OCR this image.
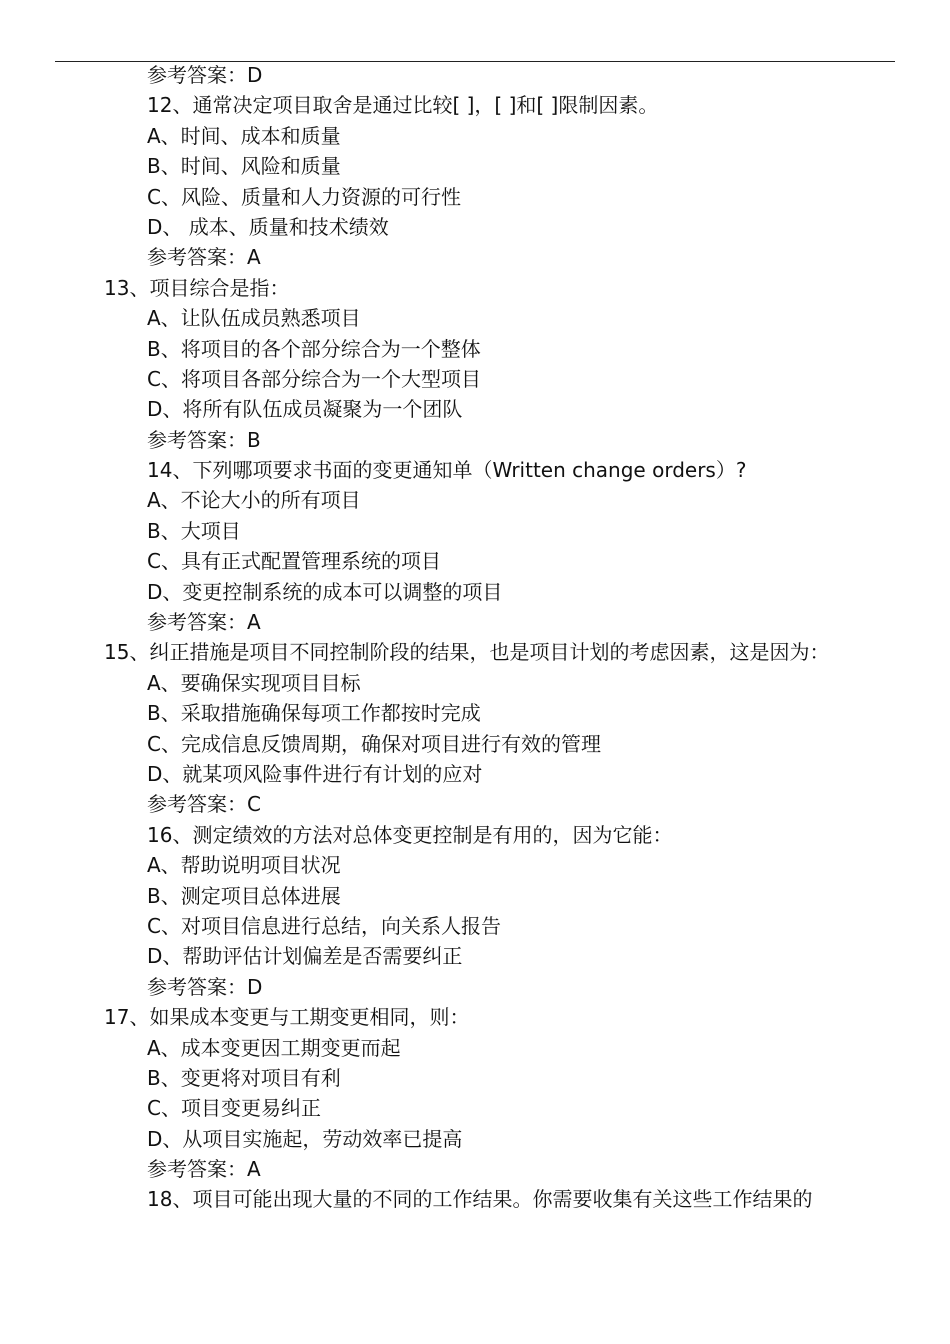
参考答案：D
12、通常决定项目取舍是通过比较[ ]，[ ]和[ ]限制因素。
A、时间、成本和质量
B、时间、风险和质量
C、风险、质量和人力资源的可行性
D、 成本、质量和技术绩效
参考答案：A
13、项目综合是指：
A、让队伍成员熟悉项目
B、将项目的各个部分综合为一个整体
C、将项目各部分综合为一个大型项目
D、将所有队伍成员凝聚为一个团队
参考答案：B
14、下列哪项要求书面的变更通知单（Written change orders）?
A、不论大小的所有项目
B、大项目
C、具有正式配置管理系统的项目
D、变更控制系统的成本可以调整的项目
参考答案：A
15、纠正措施是项目不同控制阶段的结果，也是项目计划的考虑因素，这是因为：
A、要确保实现项目目标
B、采取措施确保每项工作都按时完成
C、完成信息反馈周期，确保对项目进行有效的管理
D、就某项风险事件进行有计划的应对
参考答案：C
16、测定绩效的方法对总体变更控制是有用的，因为它能：
A、帮助说明项目状况
B、测定项目总体进展
C、对项目信息进行总结，向关系人报告
D、帮助评估计划偏差是否需要纠正
参考答案：D
17、如果成本变更与工期变更相同，则：
A、成本变更因工期变更而起
B、变更将对项目有利
C、项目变更易纠正
D、从项目实施起，劳动效率已提高
参考答案：A
18、项目可能出现大量的不同的工作结果。你需要收集有关这些工作结果的
